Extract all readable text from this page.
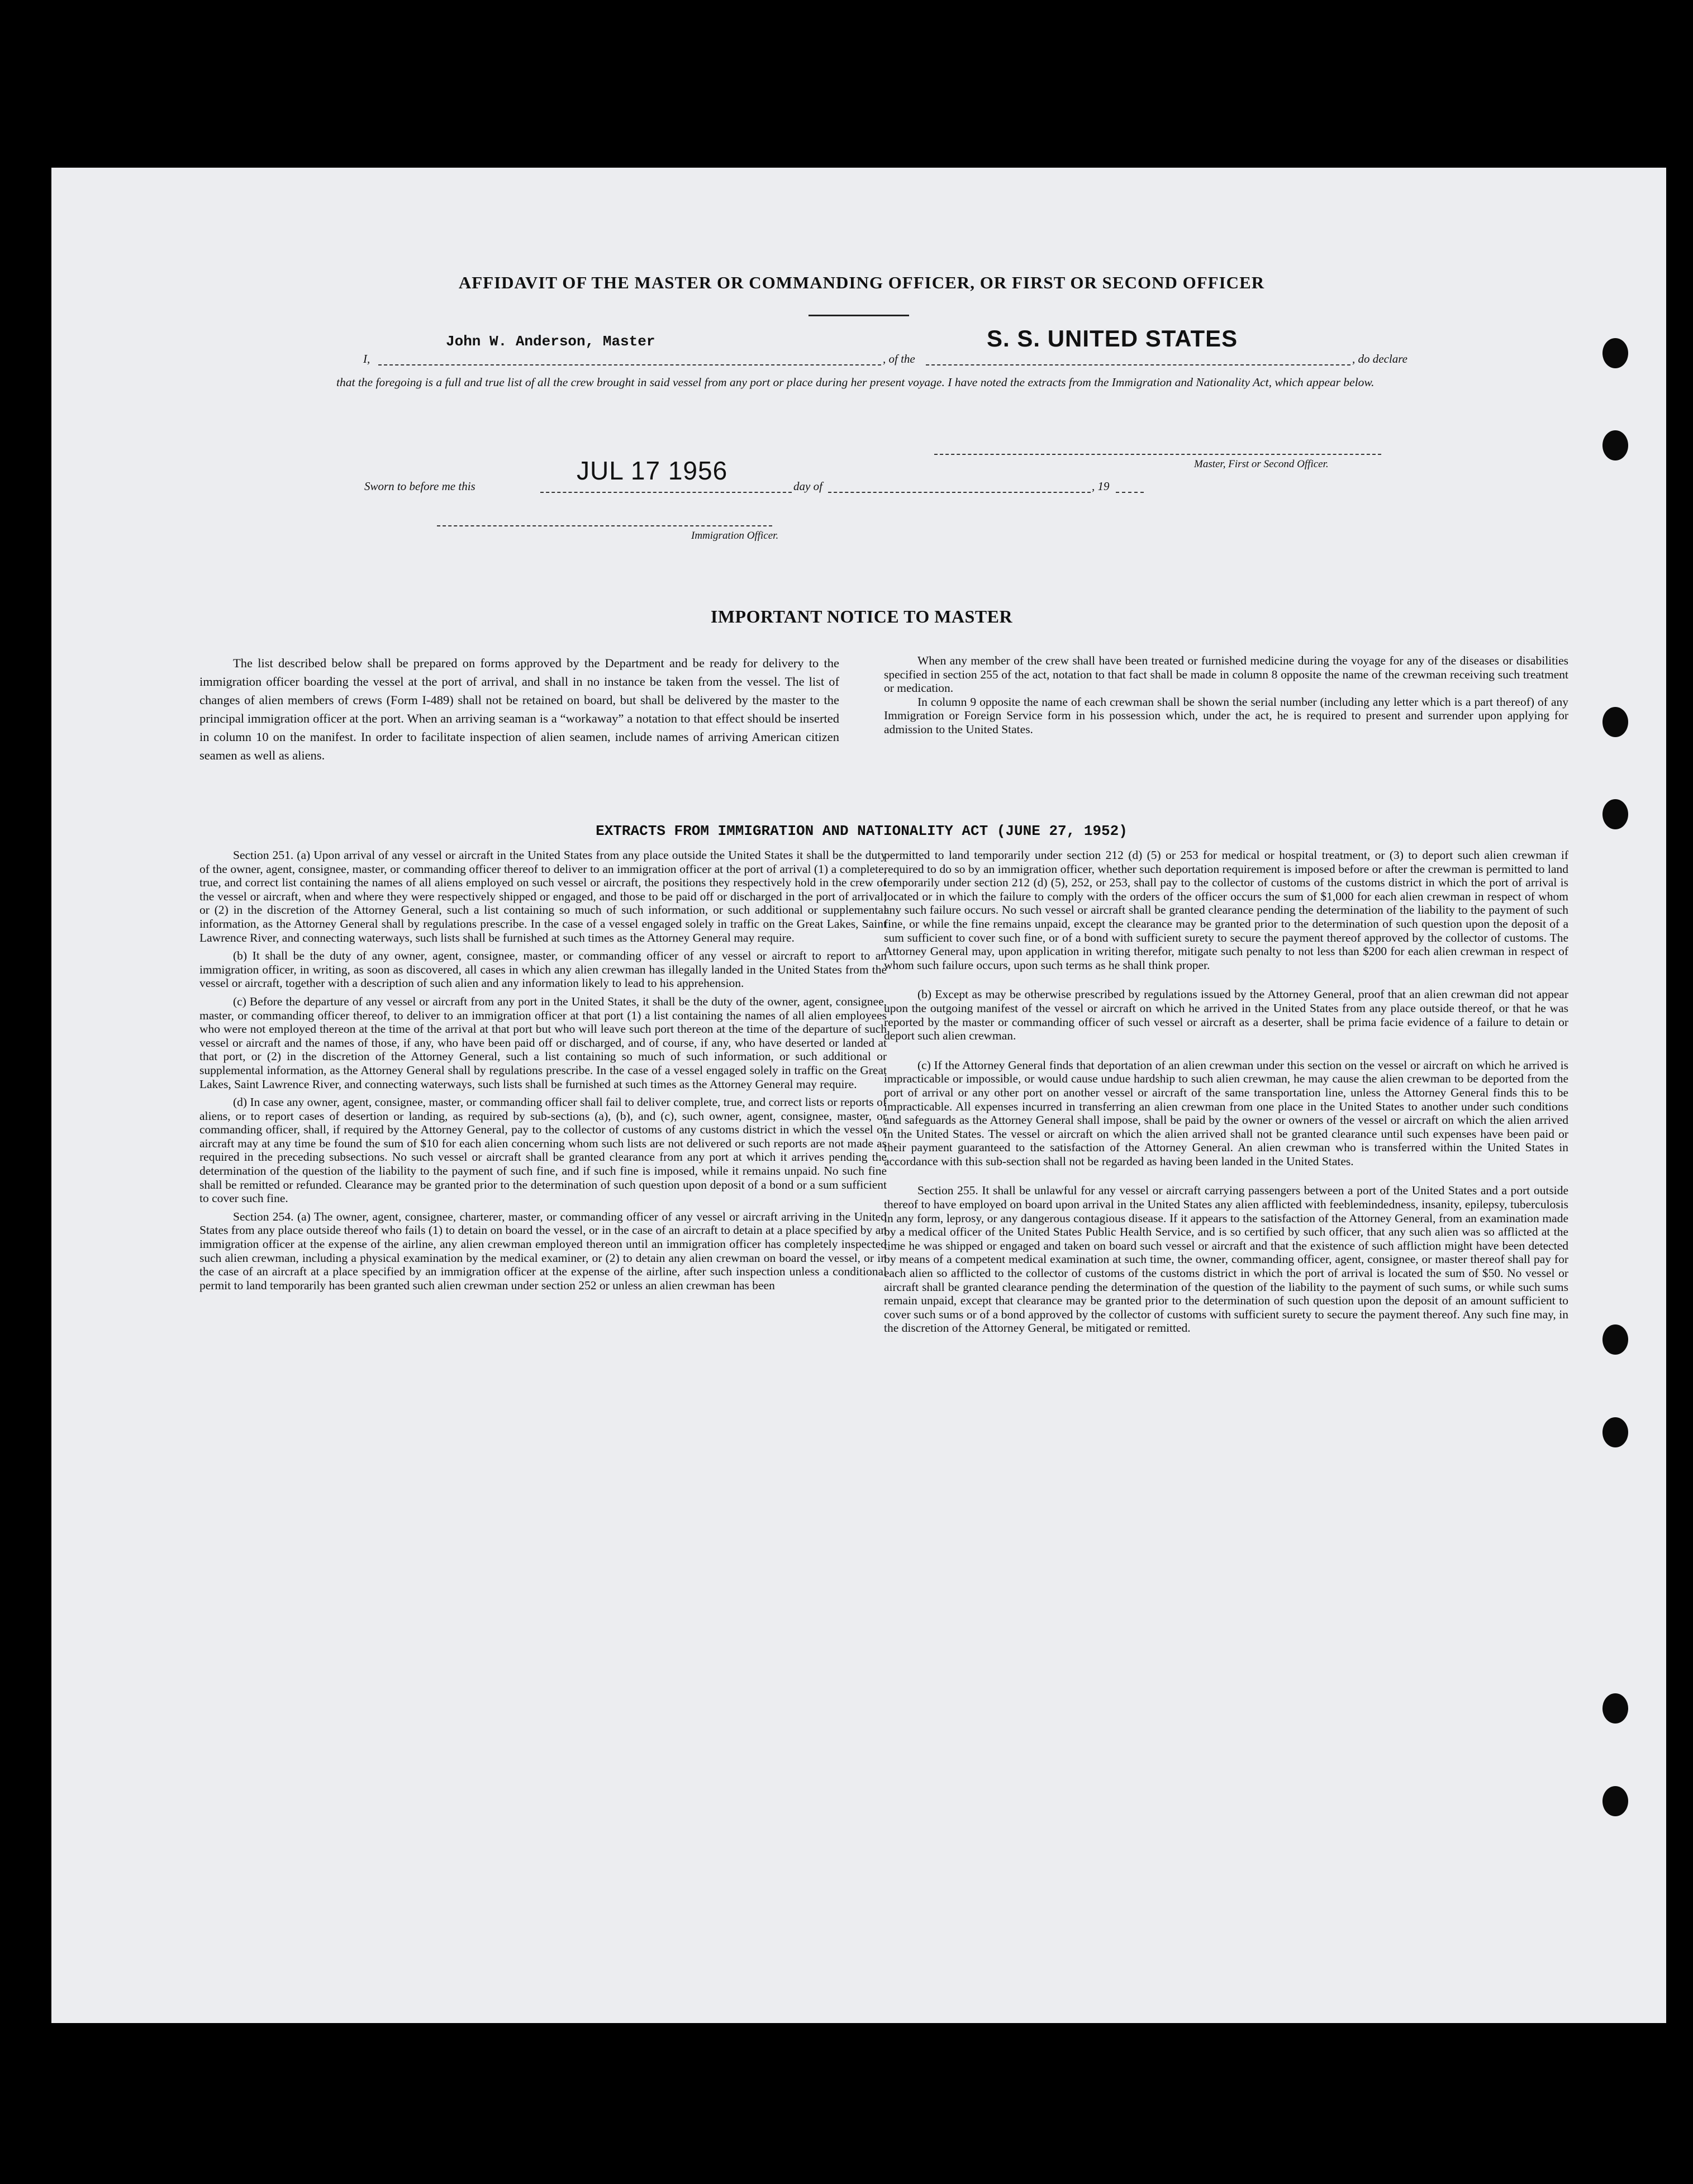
AFFIDAVIT OF THE MASTER OR COMMANDING OFFICER, OR FIRST OR SECOND OFFICER
I,
John W. Anderson, Master
, of the
S. S. UNITED STATES
, do declare
that the foregoing is a full and true list of all the crew brought in said vessel from any port or place during her present voyage. I have noted the extracts from the Immigration and Nationality Act, which appear below.
Sworn to before me this
JUL 17 1956
day of	, 19
Master, First or Second Officer.
Immigration Officer.
IMPORTANT NOTICE TO MASTER

The list described below shall be prepared on forms approved by the Department and be ready for delivery to the immigration officer boarding the vessel at the port of arrival, and shall in no instance be taken from the vessel. The list of changes of alien members of crews (Form I-489) shall not be retained on board, but shall be delivered by the master to the principal immigration officer at the port. When an arriving seaman is a “workaway” a notation to that effect should be inserted in column 10 on the manifest. In order to facilitate inspection of alien seamen, include names of arriving American citizen seamen as well as aliens.

When any member of the crew shall have been treated or furnished medicine during the voyage for any of the diseases or disabilities specified in section 255 of the act, notation to that fact shall be made in column 8 opposite the name of the crewman receiving such treatment or medication.

In column 9 opposite the name of each crewman shall be shown the serial number (including any letter which is a part thereof) of any Immigration or Foreign Service form in his possession which, under the act, he is required to present and surrender upon applying for admission to the United States.

EXTRACTS FROM IMMIGRATION AND NATIONALITY ACT (JUNE 27, 1952)

Section 251. (a) Upon arrival of any vessel or aircraft in the United States from any place outside the United States it shall be the duty of the owner, agent, consignee, master, or commanding officer thereof to deliver to an immigration officer at the port of arrival (1) a complete, true, and correct list containing the names of all aliens employed on such vessel or aircraft, the positions they respectively hold in the crew of the vessel or aircraft, when and where they were respectively shipped or engaged, and those to be paid off or discharged in the port of arrival; or (2) in the discretion of the Attorney General, such a list containing so much of such information, or such additional or supplemental information, as the Attorney General shall by regulations prescribe. In the case of a vessel engaged solely in traffic on the Great Lakes, Saint Lawrence River, and connecting waterways, such lists shall be furnished at such times as the Attorney General may require.

(b) It shall be the duty of any owner, agent, consignee, master, or commanding officer of any vessel or aircraft to report to an immigration officer, in writing, as soon as discovered, all cases in which any alien crewman has illegally landed in the United States from the vessel or aircraft, together with a description of such alien and any information likely to lead to his apprehension.

(c) Before the departure of any vessel or aircraft from any port in the United States, it shall be the duty of the owner, agent, consignee, master, or commanding officer thereof, to deliver to an immigration officer at that port (1) a list containing the names of all alien employees who were not employed thereon at the time of the arrival at that port but who will leave such port thereon at the time of the departure of such vessel or aircraft and the names of those, if any, who have been paid off or discharged, and of course, if any, who have deserted or landed at that port, or (2) in the discretion of the Attorney General, such a list containing so much of such information, or such additional or supplemental information, as the Attorney General shall by regulations prescribe. In the case of a vessel engaged solely in traffic on the Great Lakes, Saint Lawrence River, and connecting waterways, such lists shall be furnished at such times as the Attorney General may require.

(d) In case any owner, agent, consignee, master, or commanding officer shall fail to deliver complete, true, and correct lists or reports of aliens, or to report cases of desertion or landing, as required by sub-sections (a), (b), and (c), such owner, agent, consignee, master, or commanding officer, shall, if required by the Attorney General, pay to the collector of customs of any customs district in which the vessel or aircraft may at any time be found the sum of $10 for each alien concerning whom such lists are not delivered or such reports are not made as required in the preceding subsections. No such vessel or aircraft shall be granted clearance from any port at which it arrives pending the determination of the question of the liability to the payment of such fine, and if such fine is imposed, while it remains unpaid. No such fine shall be remitted or refunded. Clearance may be granted prior to the determination of such question upon deposit of a bond or a sum sufficient to cover such fine.

Section 254. (a) The owner, agent, consignee, charterer, master, or commanding officer of any vessel or aircraft arriving in the United States from any place outside thereof who fails (1) to detain on board the vessel, or in the case of an aircraft to detain at a place specified by an immigration officer at the expense of the airline, any alien crewman employed thereon until an immigration officer has completely inspected such alien crewman, including a physical examination by the medical examiner, or (2) to detain any alien crewman on board the vessel, or in the case of an aircraft at a place specified by an immigration officer at the expense of the airline, after such inspection unless a conditional permit to land temporarily has been granted such alien crewman under section 252 or unless an alien crewman has been

permitted to land temporarily under section 212 (d) (5) or 253 for medical or hospital treatment, or (3) to deport such alien crewman if required to do so by an immigration officer, whether such deportation requirement is imposed before or after the crewman is permitted to land temporarily under section 212 (d) (5), 252, or 253, shall pay to the collector of customs of the customs district in which the port of arrival is located or in which the failure to comply with the orders of the officer occurs the sum of $1,000 for each alien crewman in respect of whom any such failure occurs. No such vessel or aircraft shall be granted clearance pending the determination of the liability to the payment of such fine, or while the fine remains unpaid, except the clearance may be granted prior to the determination of such question upon the deposit of a sum sufficient to cover such fine, or of a bond with sufficient surety to secure the payment thereof approved by the collector of customs. The Attorney General may, upon application in writing therefor, mitigate such penalty to not less than $200 for each alien crewman in respect of whom such failure occurs, upon such terms as he shall think proper.

(b) Except as may be otherwise prescribed by regulations issued by the Attorney General, proof that an alien crewman did not appear upon the outgoing manifest of the vessel or aircraft on which he arrived in the United States from any place outside thereof, or that he was reported by the master or commanding officer of such vessel or aircraft as a deserter, shall be prima facie evidence of a failure to detain or deport such alien crewman.

(c) If the Attorney General finds that deportation of an alien crewman under this section on the vessel or aircraft on which he arrived is impracticable or impossible, or would cause undue hardship to such alien crewman, he may cause the alien crewman to be deported from the port of arrival or any other port on another vessel or aircraft of the same transportation line, unless the Attorney General finds this to be impracticable. All expenses incurred in transferring an alien crewman from one place in the United States to another under such conditions and safeguards as the Attorney General shall impose, shall be paid by the owner or owners of the vessel or aircraft on which the alien arrived in the United States. The vessel or aircraft on which the alien arrived shall not be granted clearance until such expenses have been paid or their payment guaranteed to the satisfaction of the Attorney General. An alien crewman who is transferred within the United States in accordance with this sub-section shall not be regarded as having been landed in the United States.

Section 255. It shall be unlawful for any vessel or aircraft carrying passengers between a port of the United States and a port outside thereof to have employed on board upon arrival in the United States any alien afflicted with feeblemindedness, insanity, epilepsy, tuberculosis in any form, leprosy, or any dangerous contagious disease. If it appears to the satisfaction of the Attorney General, from an examination made by a medical officer of the United States Public Health Service, and is so certified by such officer, that any such alien was so afflicted at the time he was shipped or engaged and taken on board such vessel or aircraft and that the existence of such affliction might have been detected by means of a competent medical examination at such time, the owner, commanding officer, agent, consignee, or master thereof shall pay for each alien so afflicted to the collector of customs of the customs district in which the port of arrival is located the sum of $50. No vessel or aircraft shall be granted clearance pending the determination of the question of the liability to the payment of such sums, or while such sums remain unpaid, except that clearance may be granted prior to the determination of such question upon the deposit of an amount sufficient to cover such sums or of a bond approved by the collector of customs with sufficient surety to secure the payment thereof. Any such fine may, in the discretion of the Attorney General, be mitigated or remitted.
